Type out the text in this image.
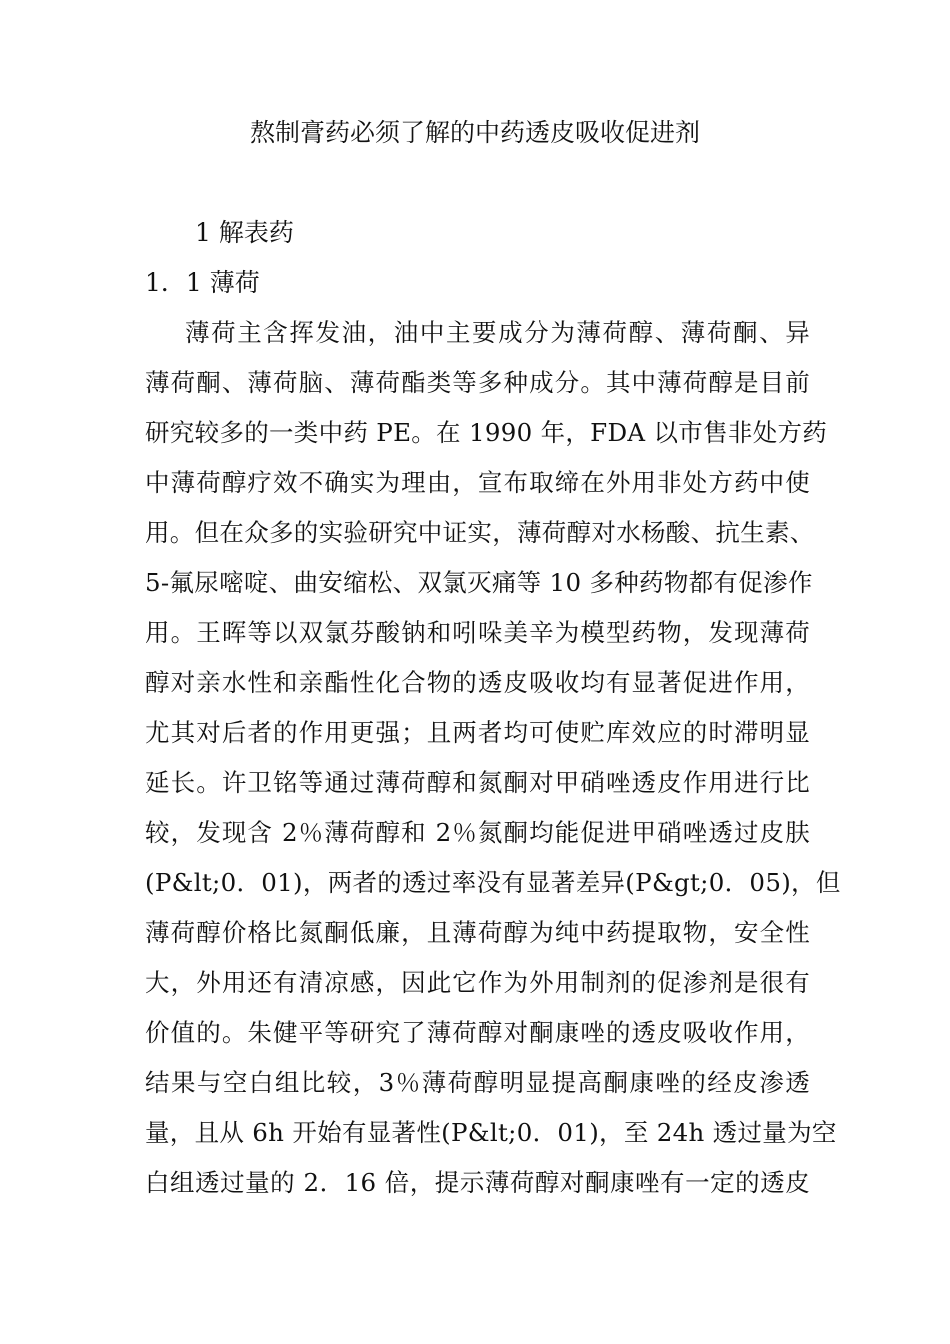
熬制膏药必须了解的中药透皮吸收促进剂
1 解表药
1．1 薄荷
薄荷主含挥发油，油中主要成分为薄荷醇、薄荷酮、异
薄荷酮、薄荷脑、薄荷酯类等多种成分。其中薄荷醇是目前
研究较多的一类中药 PE。在 1990 年，FDA 以市售非处方药
中薄荷醇疗效不确实为理由，宣布取缔在外用非处方药中使
用。但在众多的实验研究中证实，薄荷醇对水杨酸、抗生素、
5-氟尿嘧啶、曲安缩松、双氯灭痛等 10 多种药物都有促渗作
用。王晖等以双氯芬酸钠和吲哚美辛为模型药物，发现薄荷
醇对亲水性和亲酯性化合物的透皮吸收均有显著促进作用，
尤其对后者的作用更强；且两者均可使贮库效应的时滞明显
延长。许卫铭等通过薄荷醇和氮酮对甲硝唑透皮作用进行比
较，发现含 2％薄荷醇和 2％氮酮均能促进甲硝唑透过皮肤
(P&lt;0．01)，两者的透过率没有显著差异(P&gt;0．05)，但
薄荷醇价格比氮酮低廉，且薄荷醇为纯中药提取物，安全性
大，外用还有清凉感，因此它作为外用制剂的促渗剂是很有
价值的。朱健平等研究了薄荷醇对酮康唑的透皮吸收作用，
结果与空白组比较，3％薄荷醇明显提高酮康唑的经皮渗透
量，且从 6h 开始有显著性(P&lt;0．01)，至 24h 透过量为空
白组透过量的 2．16 倍，提示薄荷醇对酮康唑有一定的透皮
